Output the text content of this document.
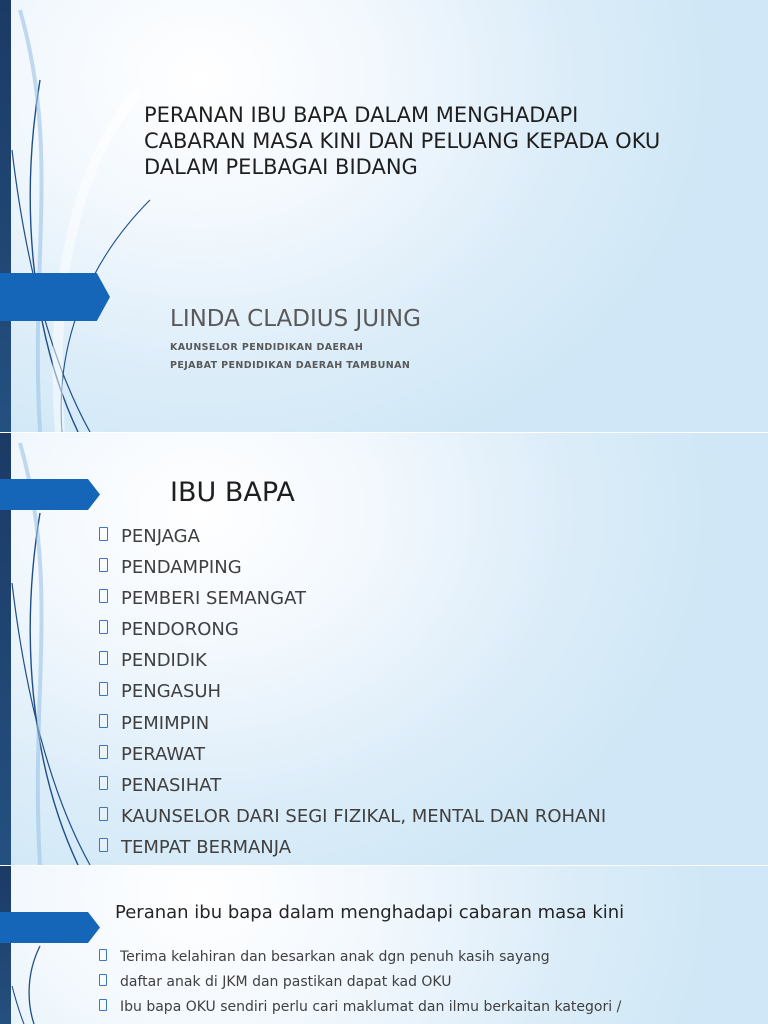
PERANAN IBU BAPA DALAM MENGHADAPI
CABARAN MASA KINI DAN PELUANG KEPADA OKU
DALAM PELBAGAI BIDANG
LINDA CLADIUS JUING
KAUNSELOR PENDIDIKAN DAERAH
PEJABAT PENDIDIKAN DAERAH TAMBUNAN
IBU BAPA
PENJAGA
PENDAMPING
PEMBERI SEMANGAT
PENDORONG
PENDIDIK
PENGASUH
PEMIMPIN
PERAWAT
PENASIHAT
KAUNSELOR DARI SEGI FIZIKAL, MENTAL DAN ROHANI
TEMPAT BERMANJA
Peranan ibu bapa dalam menghadapi cabaran masa kini
Terima kelahiran dan besarkan anak dgn penuh kasih sayang
daftar anak di JKM dan pastikan dapat kad OKU
Ibu bapa OKU sendiri perlu cari maklumat dan ilmu berkaitan kategori /
